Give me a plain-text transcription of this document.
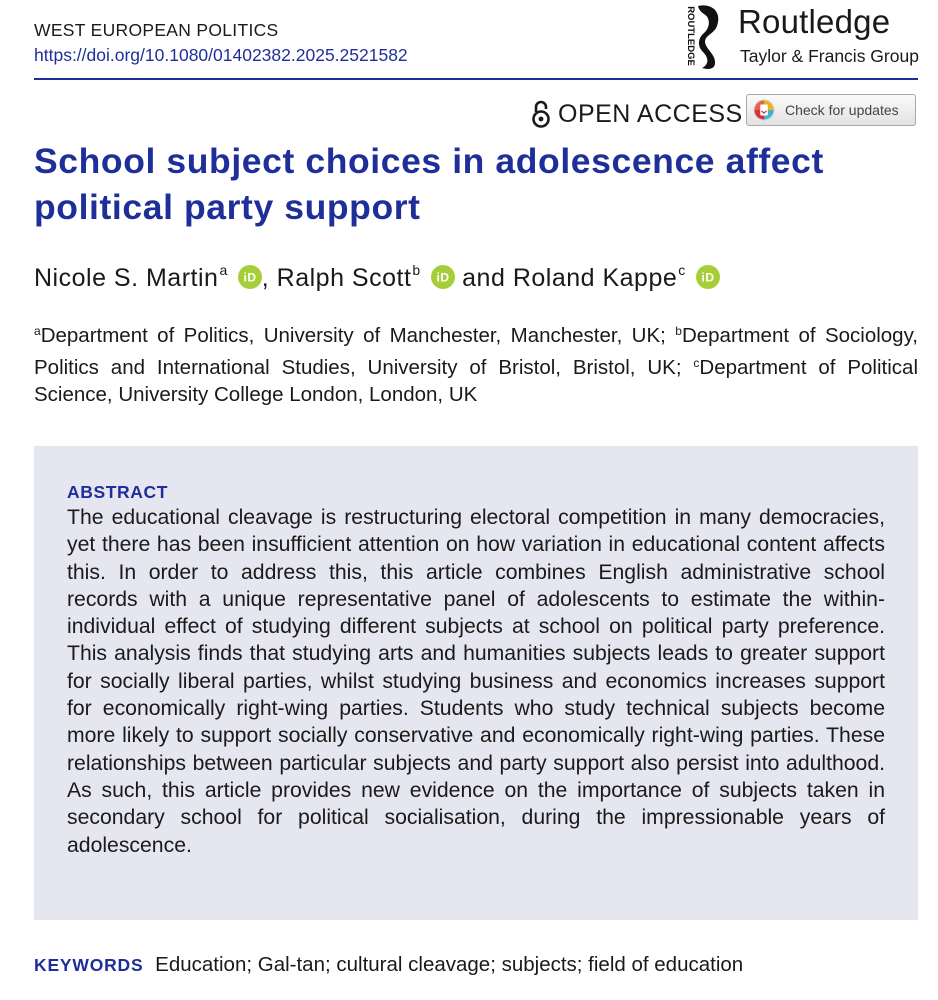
WEST EUROPEAN POLITICS
https://doi.org/10.1080/01402382.2025.2521582	ROUTLEDGE Routledge
Taylor & Francis Group
OPEN ACCESS	Check for updates
School subject choices in adolescence affect political party support
Nicole S. Martin$^a$ iD , Ralph Scott$^b$ iD and Roland Kappe$^c$ iD
$^a$Department of Politics, University of Manchester, Manchester, UK; $^b$Department of Sociology, Politics and International Studies, University of Bristol, Bristol, UK; $^c$Department of Political Science, University College London, London, UK
ABSTRACT

The educational cleavage is restructuring electoral competition in many democracies, yet there has been insufficient attention on how variation in educational content affects this. In order to address this, this article combines English administrative school records with a unique representative panel of adolescents to estimate the within-individual effect of studying different subjects at school on political party preference. This analysis finds that studying arts and humanities subjects leads to greater support for socially liberal parties, whilst studying business and economics increases support for economically right-wing parties. Students who study technical subjects become more likely to support socially conservative and economically right-wing parties. These relationships between particular subjects and party support also persist into adulthood. As such, this article provides new evidence on the importance of subjects taken in secondary school for political socialisation, during the impressionable years of adolescence.

KEYWORDS Education; Gal-tan; cultural cleavage; subjects; field of education
